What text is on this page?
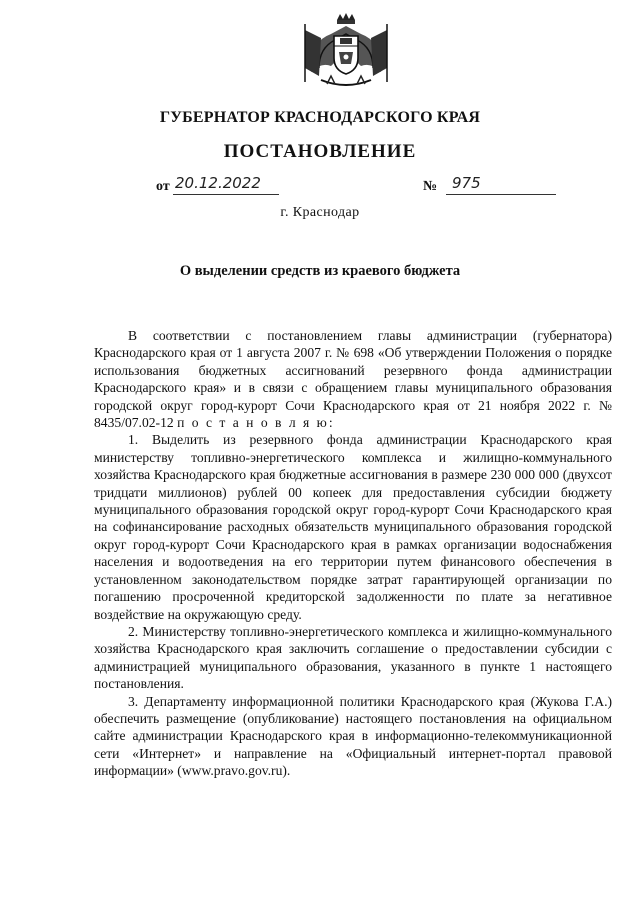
ГУБЕРНАТОР КРАСНОДАРСКОГО КРАЯ
ПОСТАНОВЛЕНИЕ
от 20.12.2022	№ 975
г. Краснодар
О выделении средств из краевого бюджета

В соответствии с постановлением главы администрации (губернатора) Краснодарского края от 1 августа 2007 г. № 698 «Об утверждении Положения о порядке использования бюджетных ассигнований резервного фонда администрации Краснодарского края» и в связи с обращением главы муниципального образования городской округ город-курорт Сочи Краснодарского края от 21 ноября 2022 г. № 8435/07.02-12 п о с т а н о в л я ю:

1. Выделить из резервного фонда администрации Краснодарского края министерству топливно-энергетического комплекса и жилищно-коммунального хозяйства Краснодарского края бюджетные ассигнования в размере 230 000 000 (двухсот тридцати миллионов) рублей 00 копеек для предоставления субсидии бюджету муниципального образования городской округ город-курорт Сочи Краснодарского края на софинансирование расходных обязательств муниципального образования городской округ город-курорт Сочи Краснодарского края в рамках организации водоснабжения населения и водоотведения на его территории путем финансового обеспечения в установленном законодательством порядке затрат гарантирующей организации по погашению просроченной кредиторской задолженности по плате за негативное воздействие на окружающую среду.

2. Министерству топливно-энергетического комплекса и жилищно-коммунального хозяйства Краснодарского края заключить соглашение о предоставлении субсидии с администрацией муниципального образования, указанного в пункте 1 настоящего постановления.

3. Департаменту информационной политики Краснодарского края (Жукова Г.А.) обеспечить размещение (опубликование) настоящего постановления на официальном сайте администрации Краснодарского края в информационно-телекоммуникационной сети «Интернет» и направление на «Официальный интернет-портал правовой информации» (www.pravo.gov.ru).
